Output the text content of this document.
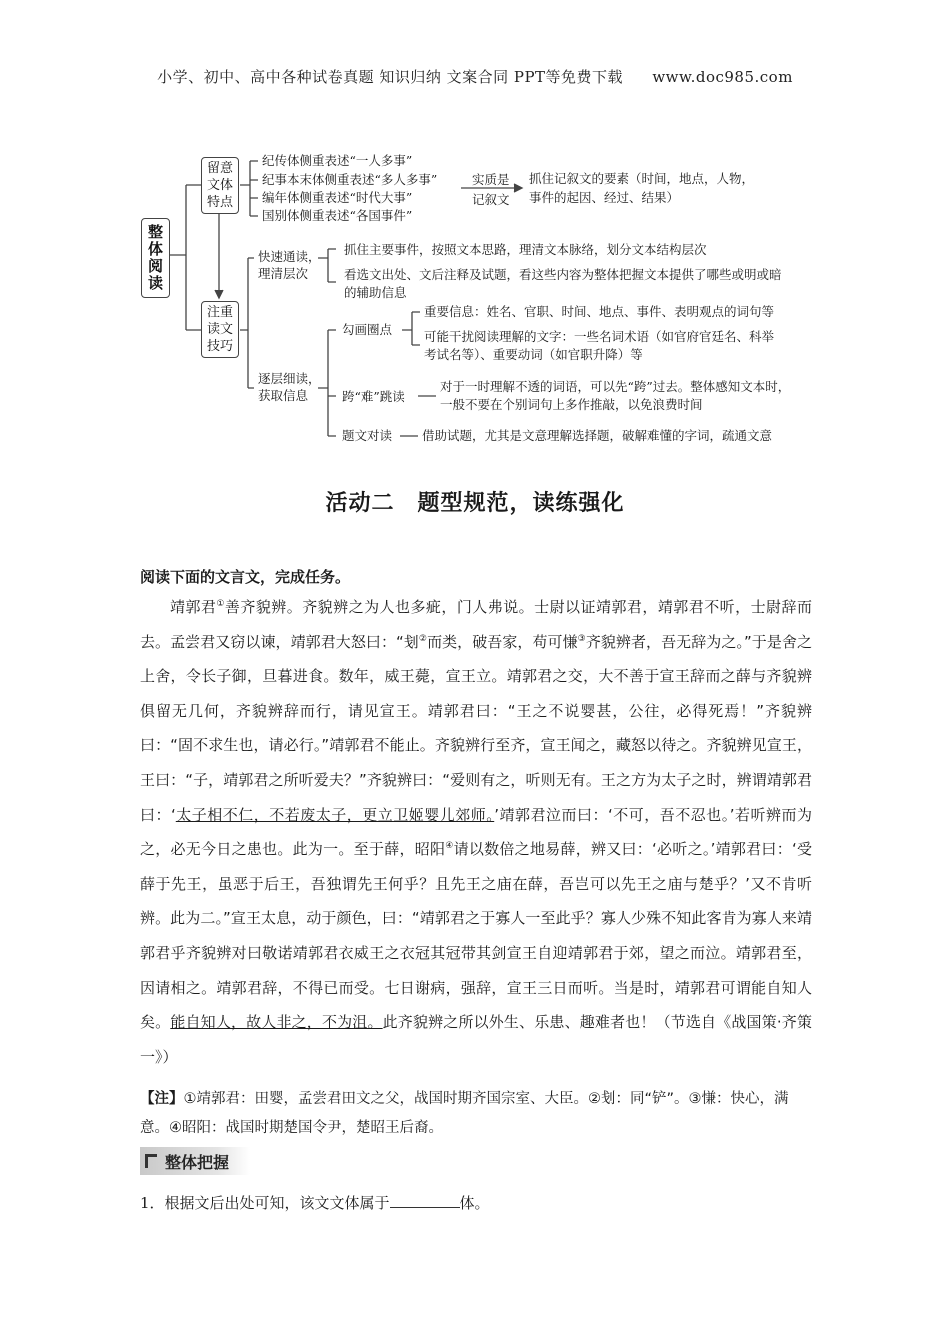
小学、初中、高中各种试卷真题 知识归纳 文案合同 PPT等免费下载 www.doc985.com
整体阅读
留意文体特点
注重读文技巧
纪传体侧重表述“一人多事”
纪事本末体侧重表述“多人多事”
编年体侧重表述“时代大事”
国别体侧重表述“各国事件”
实质是
记叙文
抓住记叙文的要素（时间，地点，人物，
事件的起因、经过、结果）
快速通读，
理清层次
抓住主要事件，按照文本思路，理清文本脉络，划分文本结构层次
看选文出处、文后注释及试题，看这些内容为整体把握文本提供了哪些或明或暗
的辅助信息
逐层细读，
获取信息
勾画圈点
重要信息：姓名、官职、时间、地点、事件、表明观点的词句等
可能干扰阅读理解的文字：一些名词术语（如官府官廷名、科举
考试名等）、重要动词（如官职升降）等
跨“难”跳读
对于一时理解不透的词语，可以先“跨”过去。整体感知文本时，
一般不要在个别词句上多作推敲，以免浪费时间
题文对读 借助试题，尤其是文意理解选择题，破解难懂的字词，疏通文意
活动二　题型规范，读练强化
阅读下面的文言文，完成任务。
靖郭君①善齐貌辨。齐貌辨之为人也多疵，门人弗说。士尉以证靖郭君，靖郭君不听，士尉辞而去。孟尝君又窃以谏，靖郭君大怒曰：“刬②而类，破吾家，苟可慊③齐貌辨者，吾无辞为之。”于是舍之上舍，令长子御，旦暮进食。数年，威王薨，宣王立。靖郭君之交，大不善于宣王辞而之薛与齐貌辨俱留无几何，齐貌辨辞而行，请见宣王。靖郭君曰：“王之不说婴甚，公往，必得死焉！”齐貌辨曰：“固不求生也，请必行。”靖郭君不能止。齐貌辨行至齐，宣王闻之，藏怒以待之。齐貌辨见宣王，王曰：“子，靖郭君之所听爱夫？”齐貌辨曰：“爱则有之，听则无有。王之方为太子之时，辨谓靖郭君曰：‘太子相不仁，不若废太子，更立卫姬婴儿郊师。’靖郭君泣而曰：‘不可，吾不忍也。’若听辨而为之，必无今日之患也。此为一。至于薛，昭阳④请以数倍之地易薛，辨又曰：‘必听之。’靖郭君曰：‘受薛于先王，虽恶于后王，吾独谓先王何乎？且先王之庙在薛，吾岂可以先王之庙与楚乎？’又不肯听辨。此为二。”宣王太息，动于颜色，曰：“靖郭君之于寡人一至此乎？寡人少殊不知此客肯为寡人来靖郭君乎齐貌辨对曰敬诺靖郭君衣威王之衣冠其冠带其剑宣王自迎靖郭君于郊，望之而泣。靖郭君至，因请相之。靖郭君辞，不得已而受。七日谢病，强辞，宣王三日而听。当是时，靖郭君可谓能自知人矣。能自知人，故人非之，不为沮。此齐貌辨之所以外生、乐患、趣难者也！（节选自《战国策·齐策一》）
【注】①靖郭君：田婴，孟尝君田文之父，战国时期齐国宗室、大臣。②刬：同“铲”。③慊：快心，满意。④昭阳：战国时期楚国令尹，楚昭王后裔。
整体把握
1．根据文后出处可知，该文文体属于	体。
